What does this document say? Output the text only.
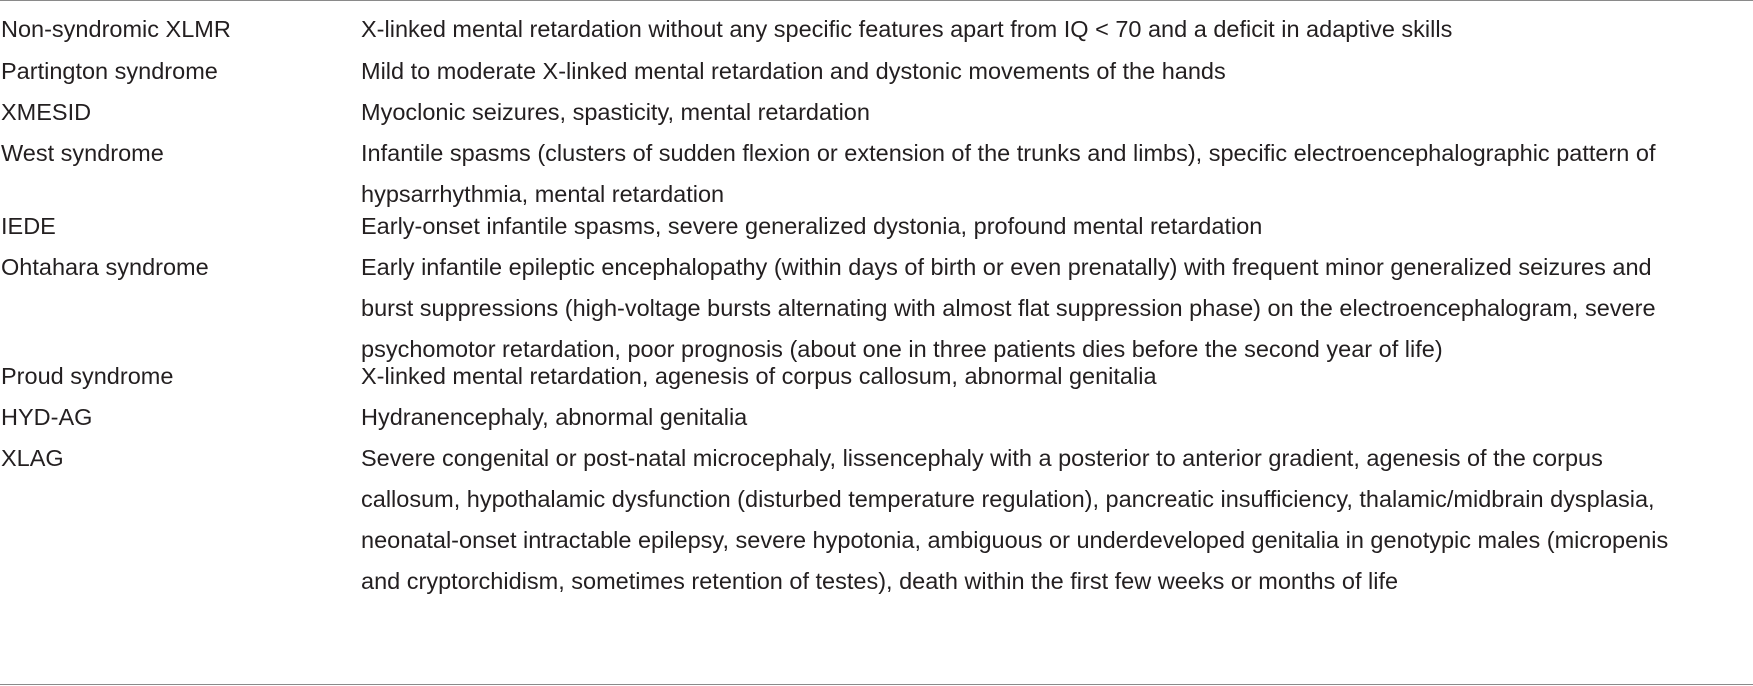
Non-syndromic XLMR	X-linked mental retardation without any specific features apart from IQ < 70 and a deficit in adaptive skills
Partington syndrome	Mild to moderate X-linked mental retardation and dystonic movements of the hands
XMESID	Myoclonic seizures, spasticity, mental retardation
West syndrome	Infantile spasms (clusters of sudden flexion or extension of the trunks and limbs), specific electroencephalographic pattern of
hypsarrhythmia, mental retardation
IEDE	Early-onset infantile spasms, severe generalized dystonia, profound mental retardation
Ohtahara syndrome	Early infantile epileptic encephalopathy (within days of birth or even prenatally) with frequent minor generalized seizures and
burst suppressions (high-voltage bursts alternating with almost flat suppression phase) on the electroencephalogram, severe
psychomotor retardation, poor prognosis (about one in three patients dies before the second year of life)
Proud syndrome	X-linked mental retardation, agenesis of corpus callosum, abnormal genitalia
HYD-AG	Hydranencephaly, abnormal genitalia
XLAG	Severe congenital or post-natal microcephaly, lissencephaly with a posterior to anterior gradient, agenesis of the corpus
callosum, hypothalamic dysfunction (disturbed temperature regulation), pancreatic insufficiency, thalamic/midbrain dysplasia,
neonatal-onset intractable epilepsy, severe hypotonia, ambiguous or underdeveloped genitalia in genotypic males (micropenis
and cryptorchidism, sometimes retention of testes), death within the first few weeks or months of life
